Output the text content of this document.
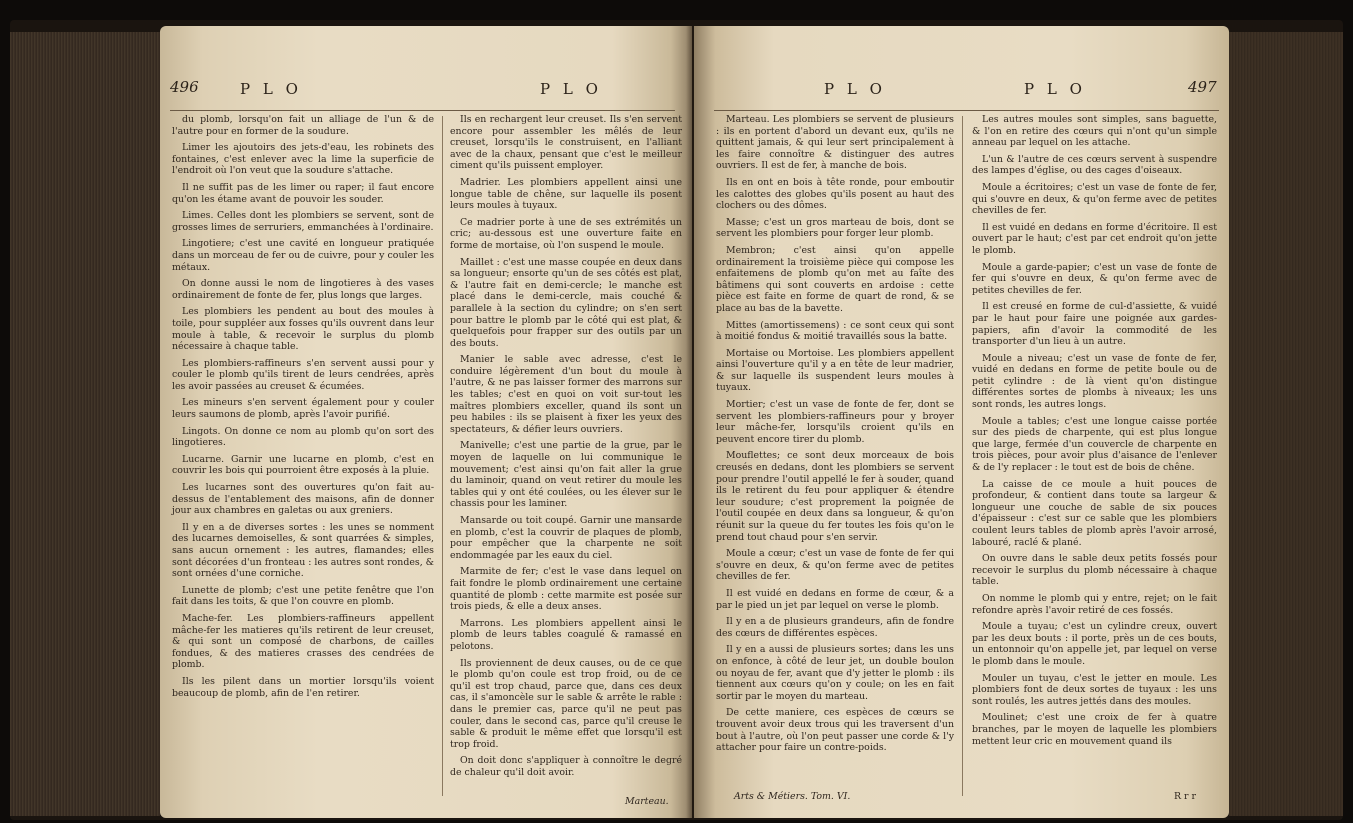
496	P L O	P L O

du plomb, lorsqu'on fait un alliage de l'un & de l'autre pour en former de la soudure.

Limer les ajoutoirs des jets-d'eau, les robinets des fontaines, c'est enlever avec la lime la superficie de l'endroit où l'on veut que la soudure s'attache.

Il ne suffit pas de les limer ou raper; il faut encore qu'on les étame avant de pouvoir les souder.

Limes. Celles dont les plombiers se servent, sont de grosses limes de serruriers, emmanchées à l'ordinaire.

Lingotiere; c'est une cavité en longueur pratiquée dans un morceau de fer ou de cuivre, pour y couler les métaux.

On donne aussi le nom de lingotieres à des vases ordinairement de fonte de fer, plus longs que larges.

Les plombiers les pendent au bout des moules à toile, pour suppléer aux fosses qu'ils ouvrent dans leur moule à table, & recevoir le surplus du plomb nécessaire à chaque table.

Les plombiers-raffineurs s'en servent aussi pour y couler le plomb qu'ils tirent de leurs cendrées, après les avoir passées au creuset & écumées.

Les mineurs s'en servent également pour y couler leurs saumons de plomb, après l'avoir purifié.

Lingots. On donne ce nom au plomb qu'on sort des lingotieres.

Lucarne. Garnir une lucarne en plomb, c'est en couvrir les bois qui pourroient être exposés à la pluie.

Les lucarnes sont des ouvertures qu'on fait au-dessus de l'entablement des maisons, afin de donner jour aux chambres en galetas ou aux greniers.

Il y en a de diverses sortes : les unes se nomment des lucarnes demoiselles, & sont quarrées & simples, sans aucun ornement : les autres, flamandes; elles sont décorées d'un fronteau : les autres sont rondes, & sont ornées d'une corniche.

Lunette de plomb; c'est une petite fenêtre que l'on fait dans les toits, & que l'on couvre en plomb.

Mache-fer. Les plombiers-raffineurs appellent mâche-fer les matieres qu'ils retirent de leur creuset, & qui sont un composé de charbons, de cailles fondues, & des matieres crasses des cendrées de plomb.

Ils les pilent dans un mortier lorsqu'ils voient beaucoup de plomb, afin de l'en retirer.

Ils en rechargent leur creuset. Ils s'en servent encore pour assembler les mêlés de leur creuset, lorsqu'ils le construisent, en l'alliant avec de la chaux, pensant que c'est le meilleur ciment qu'ils puissent employer.

Madrier. Les plombiers appellent ainsi une longue table de chêne, sur laquelle ils posent leurs moules à tuyaux.

Ce madrier porte à une de ses extrémités un cric; au-dessous est une ouverture faite en forme de mortaise, où l'on suspend le moule.

Maillet : c'est une masse coupée en deux dans sa longueur; ensorte qu'un de ses côtés est plat, & l'autre fait en demi-cercle; le manche est placé dans le demi-cercle, mais couché & parallele à la section du cylindre; on s'en sert pour battre le plomb par le côté qui est plat, & quelquefois pour frapper sur des outils par un des bouts.

Manier le sable avec adresse, c'est le conduire légèrement d'un bout du moule à l'autre, & ne pas laisser former des marrons sur les tables; c'est en quoi on voit sur-tout les maîtres plombiers exceller, quand ils sont un peu habiles : ils se plaisent à fixer les yeux des spectateurs, & défier leurs ouvriers.

Manivelle; c'est une partie de la grue, par le moyen de laquelle on lui communique le mouvement; c'est ainsi qu'on fait aller la grue du laminoir, quand on veut retirer du moule les tables qui y ont été coulées, ou les élever sur le chassis pour les laminer.

Mansarde ou toit coupé. Garnir une mansarde en plomb, c'est la couvrir de plaques de plomb, pour empêcher que la charpente ne soit endommagée par les eaux du ciel.

Marmite de fer; c'est le vase dans lequel on fait fondre le plomb ordinairement une certaine quantité de plomb : cette marmite est posée sur trois pieds, & elle a deux anses.

Marrons. Les plombiers appellent ainsi le plomb de leurs tables coagulé & ramassé en pelotons.

Ils proviennent de deux causes, ou de ce que le plomb qu'on coule est trop froid, ou de ce qu'il est trop chaud, parce que, dans ces deux cas, il s'amoncèle sur le sable & arrête le rable : dans le premier cas, parce qu'il ne peut pas couler, dans le second cas, parce qu'il creuse le sable & produit le même effet que lorsqu'il est trop froid.

On doit donc s'appliquer à connoître le degré de chaleur qu'il doit avoir.

Marteau.
P L O	P L O	497

Marteau. Les plombiers se servent de plusieurs : ils en portent d'abord un devant eux, qu'ils ne quittent jamais, & qui leur sert principalement à les faire connoître & distinguer des autres ouvriers. Il est de fer, à manche de bois.

Ils en ont en bois à tête ronde, pour emboutir les calottes des globes qu'ils posent au haut des clochers ou des dômes.

Masse; c'est un gros marteau de bois, dont se servent les plombiers pour forger leur plomb.

Membron; c'est ainsi qu'on appelle ordinairement la troisième pièce qui compose les enfaitemens de plomb qu'on met au faîte des bâtimens qui sont couverts en ardoise : cette pièce est faite en forme de quart de rond, & se place au bas de la bavette.

Mittes (amortissemens) : ce sont ceux qui sont à moitié fondus & moitié travaillés sous la batte.

Mortaise ou Mortoise. Les plombiers appellent ainsi l'ouverture qu'il y a en tête de leur madrier, & sur laquelle ils suspendent leurs moules à tuyaux.

Mortier; c'est un vase de fonte de fer, dont se servent les plombiers-raffineurs pour y broyer leur mâche-fer, lorsqu'ils croient qu'ils en peuvent encore tirer du plomb.

Mouflettes; ce sont deux morceaux de bois creusés en dedans, dont les plombiers se servent pour prendre l'outil appellé le fer à souder, quand ils le retirent du feu pour appliquer & étendre leur soudure; c'est proprement la poignée de l'outil coupée en deux dans sa longueur, & qu'on réunit sur la queue du fer toutes les fois qu'on le prend tout chaud pour s'en servir.

Moule a cœur; c'est un vase de fonte de fer qui s'ouvre en deux, & qu'on ferme avec de petites chevilles de fer.

Il est vuidé en dedans en forme de cœur, & a par le pied un jet par lequel on verse le plomb.

Il y en a de plusieurs grandeurs, afin de fondre des cœurs de différentes espèces.

Il y en a aussi de plusieurs sortes; dans les uns on enfonce, à côté de leur jet, un double boulon ou noyau de fer, avant que d'y jetter le plomb : ils tiennent aux cœurs qu'on y coule; on les en fait sortir par le moyen du marteau.

De cette maniere, ces espèces de cœurs se trouvent avoir deux trous qui les traversent d'un bout à l'autre, où l'on peut passer une corde & l'y attacher pour faire un contre-poids.

Les autres moules sont simples, sans baguette, & l'on en retire des cœurs qui n'ont qu'un simple anneau par lequel on les attache.

L'un & l'autre de ces cœurs servent à suspendre des lampes d'église, ou des cages d'oiseaux.

Moule a écritoires; c'est un vase de fonte de fer, qui s'ouvre en deux, & qu'on ferme avec de petites chevilles de fer.

Il est vuidé en dedans en forme d'écritoire. Il est ouvert par le haut; c'est par cet endroit qu'on jette le plomb.

Moule a garde-papier; c'est un vase de fonte de fer qui s'ouvre en deux, & qu'on ferme avec de petites chevilles de fer.

Il est creusé en forme de cul-d'assiette, & vuidé par le haut pour faire une poignée aux gardes-papiers, afin d'avoir la commodité de les transporter d'un lieu à un autre.

Moule a niveau; c'est un vase de fonte de fer, vuidé en dedans en forme de petite boule ou de petit cylindre : de là vient qu'on distingue différentes sortes de plombs à niveaux; les uns sont ronds, les autres longs.

Moule a tables; c'est une longue caisse portée sur des pieds de charpente, qui est plus longue que large, fermée d'un couvercle de charpente en trois pièces, pour avoir plus d'aisance de l'enlever & de l'y replacer : le tout est de bois de chêne.

La caisse de ce moule a huit pouces de profondeur, & contient dans toute sa largeur & longueur une couche de sable de six pouces d'épaisseur : c'est sur ce sable que les plombiers coulent leurs tables de plomb après l'avoir arrosé, labouré, raclé & plané.

On ouvre dans le sable deux petits fossés pour recevoir le surplus du plomb nécessaire à chaque table.

On nomme le plomb qui y entre, rejet; on le fait refondre après l'avoir retiré de ces fossés.

Moule a tuyau; c'est un cylindre creux, ouvert par les deux bouts : il porte, près un de ces bouts, un entonnoir qu'on appelle jet, par lequel on verse le plomb dans le moule.

Mouler un tuyau, c'est le jetter en moule. Les plombiers font de deux sortes de tuyaux : les uns sont roulés, les autres jettés dans des moules.

Moulinet; c'est une croix de fer à quatre branches, par le moyen de laquelle les plombiers mettent leur cric en mouvement quand ils

Arts & Métiers. Tom. VI.	R r r
